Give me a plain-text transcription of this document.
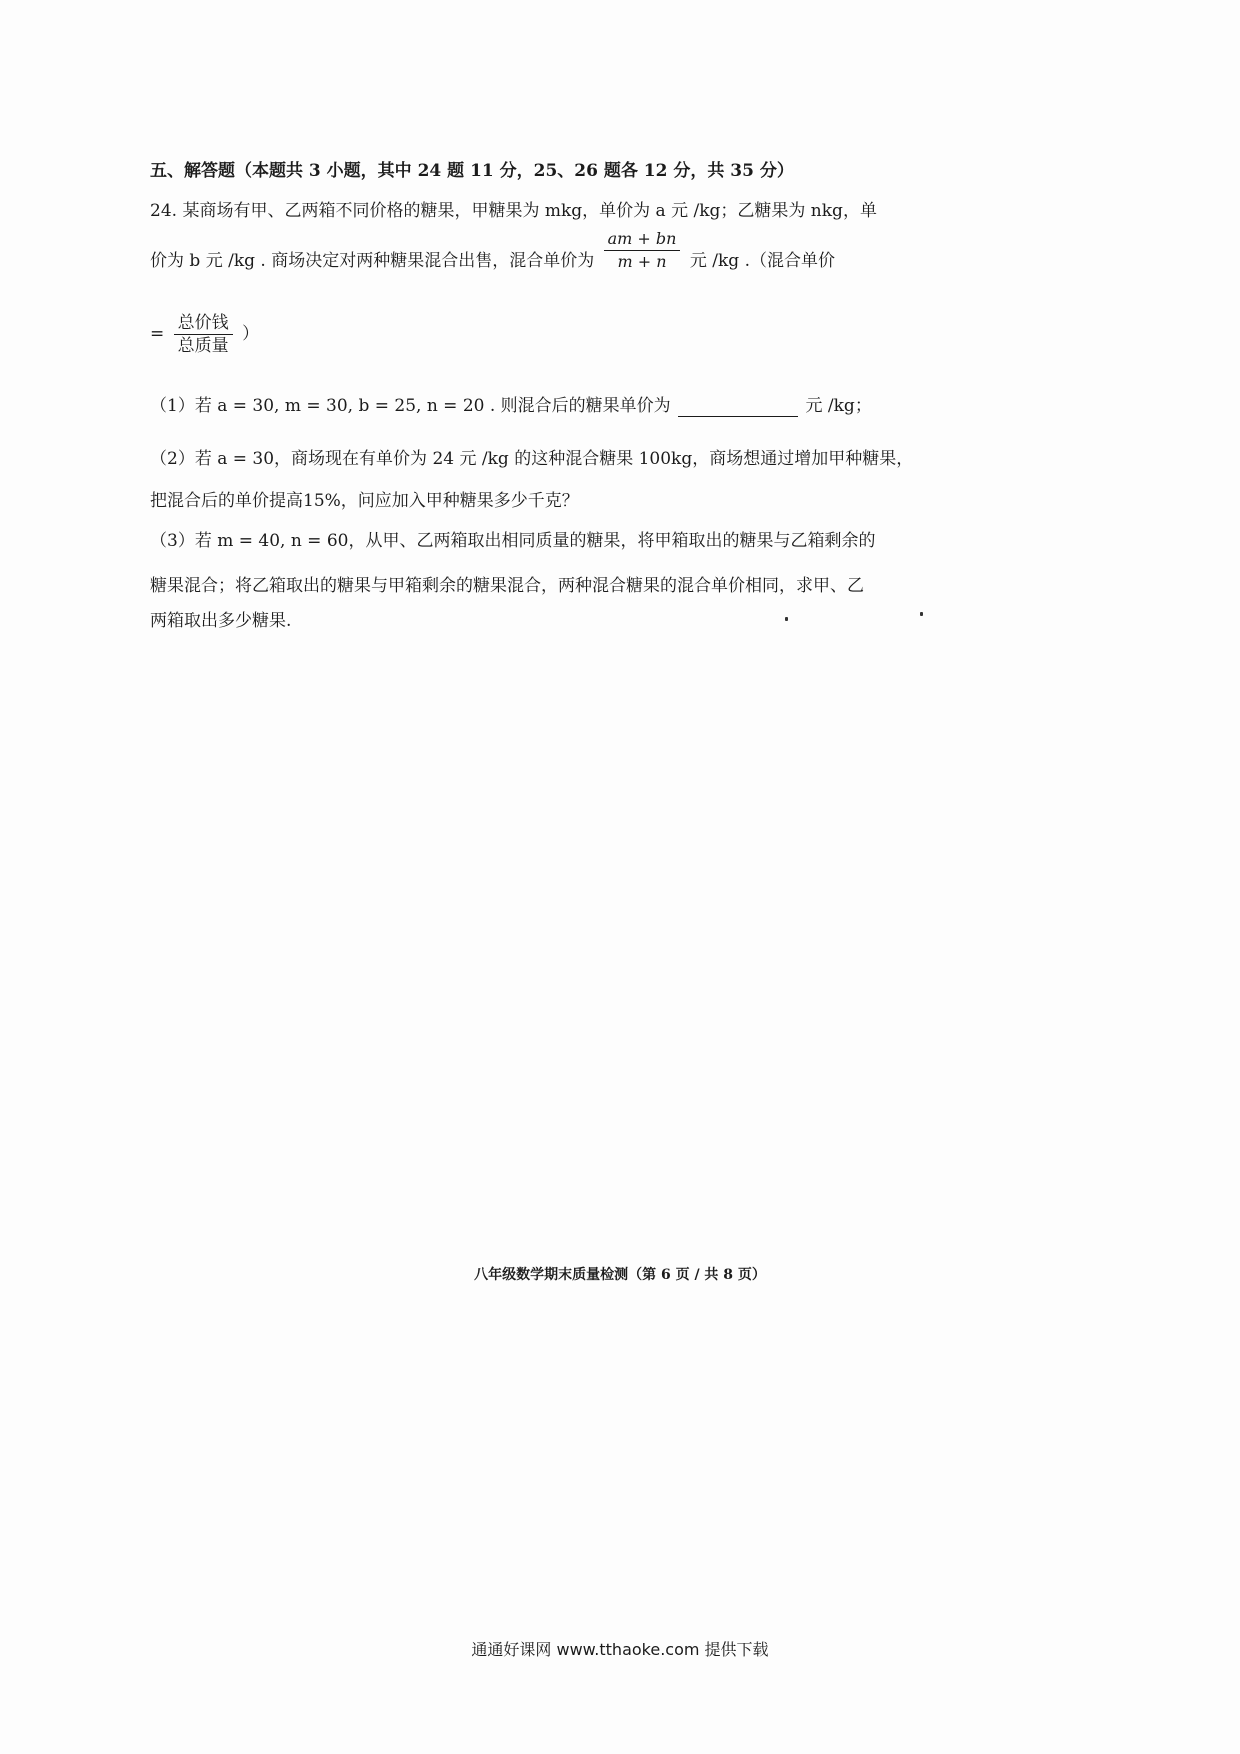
五、解答题（本题共 3 小题，其中 24 题 11 分，25、26 题各 12 分，共 35 分）
24. 某商场有甲、乙两箱不同价格的糖果，甲糖果为 mkg，单价为 a 元 /kg；乙糖果为 nkg，单
价为 b 元 /kg . 商场决定对两种糖果混合出售，混合单价为 $\frac{am + bn}{m + n}$ 元 /kg .（混合单价
= $\frac{\text{总价钱}}{\text{总质量}}$ ）
（1）若 a = 30, m = 30, b = 25, n = 20 . 则混合后的糖果单价为	元 /kg；
（2）若 a = 30，商场现在有单价为 24 元 /kg 的这种混合糖果 100kg，商场想通过增加甲种糖果，
把混合后的单价提高15%，问应加入甲种糖果多少千克？
（3）若 m = 40, n = 60，从甲、乙两箱取出相同质量的糖果，将甲箱取出的糖果与乙箱剩余的
糖果混合；将乙箱取出的糖果与甲箱剩余的糖果混合，两种混合糖果的混合单价相同，求甲、乙
两箱取出多少糖果.
八年级数学期末质量检测（第 6 页 / 共 8 页）
通通好课网 www.tthaoke.com 提供下载
